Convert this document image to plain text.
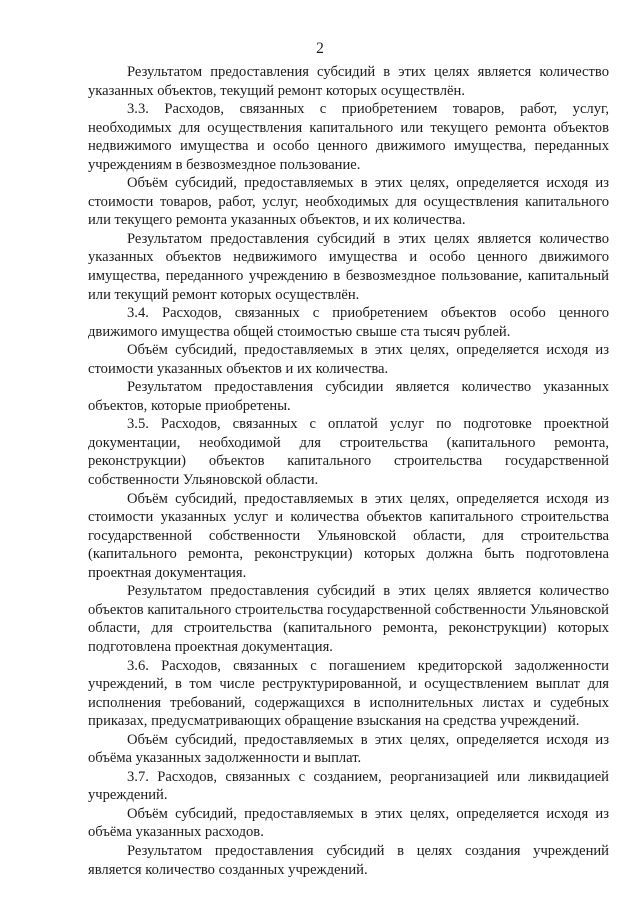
2

Результатом предоставления субсидий в этих целях является количество указанных объектов, текущий ремонт которых осуществлён.

3.3. Расходов, связанных с приобретением товаров, работ, услуг, необходимых для осуществления капитального или текущего ремонта объектов недвижимого имущества и особо ценного движимого имущества, переданных учреждениям в безвозмездное пользование.

Объём субсидий, предоставляемых в этих целях, определяется исходя из стоимости товаров, работ, услуг, необходимых для осуществления капитального или текущего ремонта указанных объектов, и их количества.

Результатом предоставления субсидий в этих целях является количество указанных объектов недвижимого имущества и особо ценного движимого имущества, переданного учреждению в безвозмездное пользование, капитальный или текущий ремонт которых осуществлён.

3.4. Расходов, связанных с приобретением объектов особо ценного движимого имущества общей стоимостью свыше ста тысяч рублей.

Объём субсидий, предоставляемых в этих целях, определяется исходя из стоимости указанных объектов и их количества.

Результатом предоставления субсидии является количество указанных объектов, которые приобретены.

3.5. Расходов, связанных с оплатой услуг по подготовке проектной документации, необходимой для строительства (капитального ремонта, реконструкции) объектов капитального строительства государственной собственности Ульяновской области.

Объём субсидий, предоставляемых в этих целях, определяется исходя из стоимости указанных услуг и количества объектов капитального строительства государственной собственности Ульяновской области, для строительства (капитального ремонта, реконструкции) которых должна быть подготовлена проектная документация.

Результатом предоставления субсидий в этих целях является количество объектов капитального строительства государственной собственности Ульяновской области, для строительства (капитального ремонта, реконструкции) которых подготовлена проектная документация.

3.6. Расходов, связанных с погашением кредиторской задолженности учреждений, в том числе реструктурированной, и осуществлением выплат для исполнения требований, содержащихся в исполнительных листах и судебных приказах, предусматривающих обращение взыскания на средства учреждений.

Объём субсидий, предоставляемых в этих целях, определяется исходя из объёма указанных задолженности и выплат.

3.7. Расходов, связанных с созданием, реорганизацией или ликвидацией учреждений.

Объём субсидий, предоставляемых в этих целях, определяется исходя из объёма указанных расходов.

Результатом предоставления субсидий в целях создания учреждений является количество созданных учреждений.
